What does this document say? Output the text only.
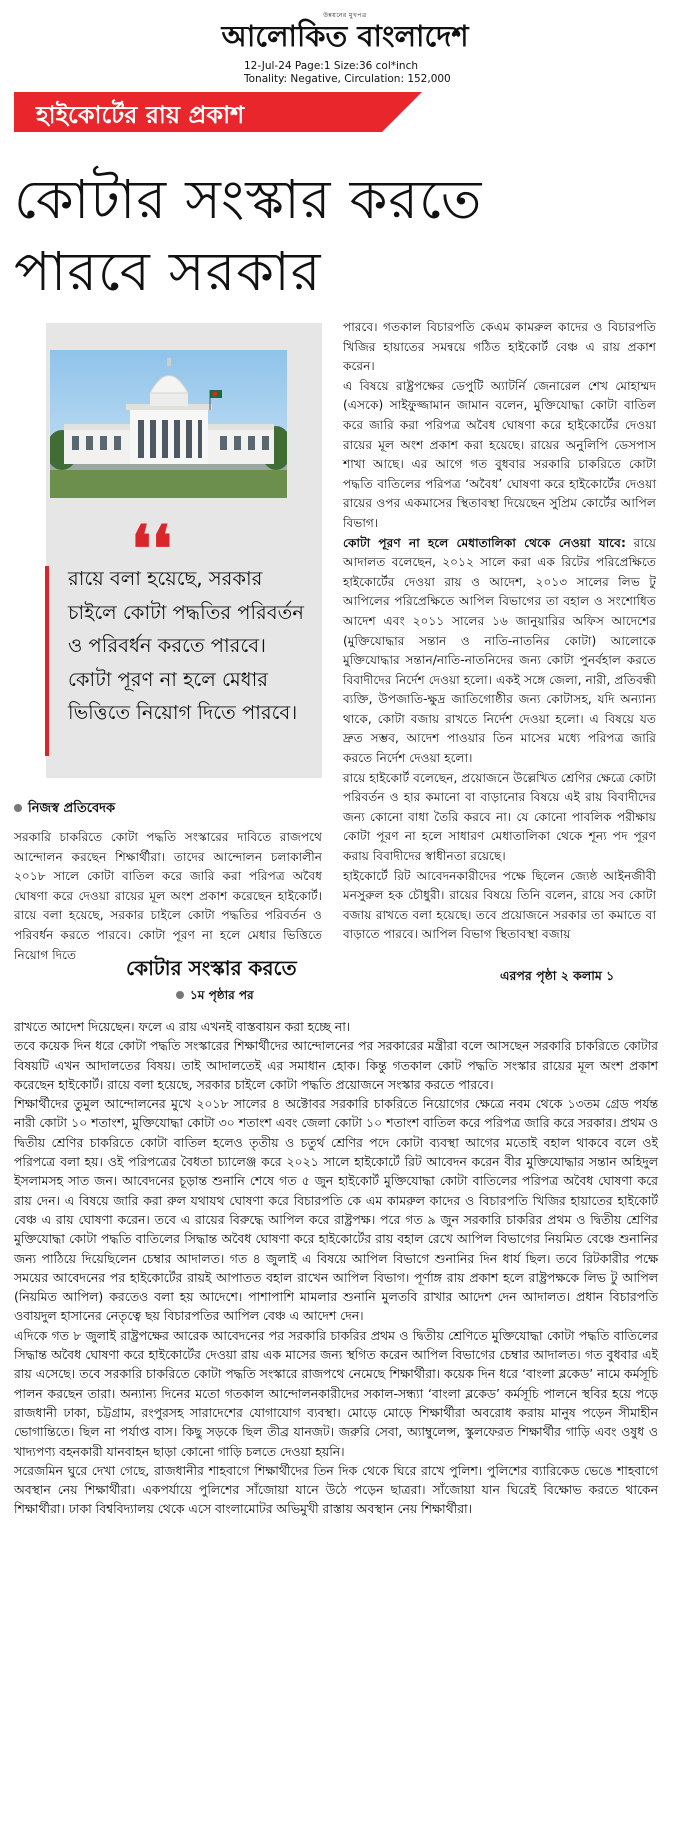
উন্নয়নের মুখপত্র
আলোকিত বাংলাদেশ
12-Jul-24 Page:1 Size:36 col*inch
Tonality: Negative, Circulation: 152,000
হাইকোর্টের রায় প্রকাশ
কোটার সংস্কার করতে
পারবে সরকার
❛❛
রায়ে বলা হয়েছে, সরকার চাইলে কোটা পদ্ধতির পরিবর্তন ও পরিবর্ধন করতে পারবে। কোটা পূরণ না হলে মেধার ভিত্তিতে নিয়োগ দিতে পারবে।
নিজস্ব প্রতিবেদক

সরকারি চাকরিতে কোটা পদ্ধতি সংস্কারের দাবিতে রাজপথে আন্দোলন করছেন শিক্ষার্থীরা। তাদের আন্দোলন চলাকালীন ২০১৮ সালে কোটা বাতিল করে জারি করা পরিপত্র অবৈধ ঘোষণা করে দেওয়া রায়ের মূল অংশ প্রকাশ করেছেন হাইকোর্ট। রায়ে বলা হয়েছে, সরকার চাইলে কোটা পদ্ধতির পরিবর্তন ও পরিবর্ধন করতে পারবে। কোটা পূরণ না হলে মেধার ভিত্তিতে নিয়োগ দিতে

পারবে। গতকাল বিচারপতি কেএম কামরুল কাদের ও বিচারপতি খিজির হায়াতের সমন্বয়ে গঠিত হাইকোর্ট বেঞ্চ এ রায় প্রকাশ করেন।

এ বিষয়ে রাষ্ট্রপক্ষের ডেপুটি অ্যাটর্নি জেনারেল শেখ মোহাম্মদ (এসকে) সাইফুজ্জামান জামান বলেন, মুক্তিযোদ্ধা কোটা বাতিল করে জারি করা পরিপত্র অবৈধ ঘোষণা করে হাইকোর্টের দেওয়া রায়ের মূল অংশ প্রকাশ করা হয়েছে। রায়ের অনুলিপি ডেসপাস শাখা আছে। এর আগে গত বুধবার সরকারি চাকরিতে কোটা পদ্ধতি বাতিলের পরিপত্র ‘অবৈধ’ ঘোষণা করে হাইকোর্টের দেওয়া রায়ের ওপর একমাসের স্থিতাবস্থা দিয়েছেন সুপ্রিম কোর্টের আপিল বিভাগ।

কোটা পূরণ না হলে মেধাতালিকা থেকে নেওয়া যাবে: রায়ে আদালত বলেছেন, ২০১২ সালে করা এক রিটের পরিপ্রেক্ষিতে হাইকোর্টের দেওয়া রায় ও আদেশ, ২০১৩ সালের লিভ টু আপিলের পরিপ্রেক্ষিতে আপিল বিভাগের তা বহাল ও সংশোধিত আদেশ এবং ২০১১ সালের ১৬ জানুয়ারির অফিস আদেশের (মুক্তিযোদ্ধার সন্তান ও নাতি-নাতনির কোটা) আলোকে মুক্তিযোদ্ধার সন্তান/নাতি-নাতনিদের জন্য কোটা পুনর্বহাল করতে বিবাদীদের নির্দেশ দেওয়া হলো। একই সঙ্গে জেলা, নারী, প্রতিবন্ধী ব্যক্তি, উপজাতি-ক্ষুদ্র জাতিগোষ্ঠীর জন্য কোটাসহ, যদি অন্যান্য থাকে, কোটা বজায় রাখতে নির্দেশ দেওয়া হলো। এ বিষয়ে যত দ্রুত সম্ভব, আদেশ পাওয়ার তিন মাসের মধ্যে পরিপত্র জারি করতে নির্দেশ দেওয়া হলো।

রায়ে হাইকোর্ট বলেছেন, প্রয়োজনে উল্লেখিত শ্রেণির ক্ষেত্রে কোটা পরিবর্তন ও হার কমানো বা বাড়ানোর বিষয়ে এই রায় বিবাদীদের জন্য কোনো বাধা তৈরি করবে না। যে কোনো পাবলিক পরীক্ষায় কোটা পূরণ না হলে সাধারণ মেধাতালিকা থেকে শূন্য পদ পূরণ করায় বিবাদীদের স্বাধীনতা রয়েছে।

হাইকোর্টে রিট আবেদনকারীদের পক্ষে ছিলেন জ্যেষ্ঠ আইনজীবী মনসুরুল হক চৌধুরী। রায়ের বিষয়ে তিনি বলেন, রায়ে সব কোটা বজায় রাখতে বলা হয়েছে। তবে প্রয়োজনে সরকার তা কমাতে বা বাড়াতে পারবে। আপিল বিভাগ স্থিতাবস্থা বজায়

এরপর পৃষ্ঠা ২ কলাম ১
কোটার সংস্কার করতে
১ম পৃষ্ঠার পর

রাখতে আদেশ দিয়েছেন। ফলে এ রায় এখনই বাস্তবায়ন করা হচ্ছে না।

তবে কয়েক দিন ধরে কোটা পদ্ধতি সংস্কারের শিক্ষার্থীদের আন্দোলনের পর সরকারের মন্ত্রীরা বলে আসছেন সরকারি চাকরিতে কোটার বিষয়টি এখন আদালতের বিষয়। তাই আদালতেই এর সমাধান হোক। কিন্তু গতকাল কোট পদ্ধতি সংস্কার রায়ের মূল অংশ প্রকাশ করেছেন হাইকোর্ট। রায়ে বলা হয়েছে, সরকার চাইলে কোটা পদ্ধতি প্রয়োজনে সংস্কার করতে পারবে।

শিক্ষার্থীদের তুমুল আন্দোলনের মুখে ২০১৮ সালের ৪ অক্টোবর সরকারি চাকরিতে নিয়োগের ক্ষেত্রে নবম থেকে ১৩তম গ্রেড পর্যন্ত নারী কোটা ১০ শতাংশ, মুক্তিযোদ্ধা কোটা ৩০ শতাংশ এবং জেলা কোটা ১০ শতাংশ বাতিল করে পরিপত্র জারি করে সরকার। প্রথম ও দ্বিতীয় শ্রেণির চাকরিতে কোটা বাতিল হলেও তৃতীয় ও চতুর্থ শ্রেণির পদে কোটা ব্যবস্থা আগের মতোই বহাল থাকবে বলে ওই পরিপত্রে বলা হয়। ওই পরিপত্রের বৈধতা চ্যালেঞ্জ করে ২০২১ সালে হাইকোর্টে রিট আবেদন করেন বীর মুক্তিযোদ্ধার সন্তান অহিদুল ইসলামসহ সাত জন। আবেদনের চূড়ান্ত শুনানি শেষে গত ৫ জুন হাইকোর্ট মুক্তিযোদ্ধা কোটা বাতিলের পরিপত্র অবৈধ ঘোষণা করে রায় দেন। এ বিষয়ে জারি করা রুল যথাযথ ঘোষণা করে বিচারপতি কে এম কামরুল কাদের ও বিচারপতি খিজির হায়াতের হাইকোর্ট বেঞ্চ এ রায় ঘোষণা করেন। তবে এ রায়ের বিরুদ্ধে আপিল করে রাষ্ট্রপক্ষ। পরে গত ৯ জুন সরকারি চাকরির প্রথম ও দ্বিতীয় শ্রেণির মুক্তিযোদ্ধা কোটা পদ্ধতি বাতিলের সিদ্ধান্ত অবৈধ ঘোষণা করে হাইকোর্টের রায় বহাল রেখে আপিল বিভাগের নিয়মিত বেঞ্চে শুনানির জন্য পাঠিয়ে দিয়েছিলেন চেম্বার আদালত। গত ৪ জুলাই এ বিষয়ে আপিল বিভাগে শুনানির দিন ধার্য ছিল। তবে রিটকারীর পক্ষে সময়ের আবেদনের পর হাইকোর্টের রায়ই আপাতত বহাল রাখেন আপিল বিভাগ। পূর্ণাঙ্গ রায় প্রকাশ হলে রাষ্ট্রপক্ষকে লিভ টু আপিল (নিয়মিত আপিল) করতেও বলা হয় আদেশে। পাশাপাশি মামলার শুনানি মুলতবি রাখার আদেশ দেন আদালত। প্রধান বিচারপতি ওবায়দুল হাসানের নেতৃত্বে ছয় বিচারপতির আপিল বেঞ্চ এ আদেশ দেন।

এদিকে গত ৮ জুলাই রাষ্ট্রপক্ষের আরেক আবেদনের পর সরকারি চাকরির প্রথম ও দ্বিতীয় শ্রেণিতে মুক্তিযোদ্ধা কোটা পদ্ধতি বাতিলের সিদ্ধান্ত অবৈধ ঘোষণা করে হাইকোর্টের দেওয়া রায় এক মাসের জন্য স্থগিত করেন আপিল বিভাগের চেম্বার আদালত। গত বুধবার এই রায় এসেছে। তবে সরকারি চাকরিতে কোটা পদ্ধতি সংস্কারে রাজপথে নেমেছে শিক্ষার্থীরা। কয়েক দিন ধরে ‘বাংলা ব্লকেড’ নামে কর্মসূচি পালন করছেন তারা। অন্যান্য দিনের মতো গতকাল আন্দোলনকারীদের সকাল-সন্ধ্যা ‘বাংলা ব্লকেড’ কর্মসূচি পালনে স্থবির হয়ে পড়ে রাজধানী ঢাকা, চট্টগ্রাম, রংপুরসহ সারাদেশের যোগাযোগ ব্যবস্থা। মোড়ে মোড়ে শিক্ষার্থীরা অবরোধ করায় মানুষ পড়েন সীমাহীন ভোগান্তিতে। ছিল না পর্যাপ্ত বাস। কিছু সড়কে ছিল তীব্র যানজট। জরুরি সেবা, অ্যাম্বুলেন্স, স্কুলফেরত শিক্ষার্থীর গাড়ি এবং ওষুধ ও খাদ্যপণ্য বহনকারী যানবাহন ছাড়া কোনো গাড়ি চলতে দেওয়া হয়নি।

সরেজমিন ঘুরে দেখা গেছে, রাজধানীর শাহবাগে শিক্ষার্থীদের তিন দিক থেকে ঘিরে রাখে পুলিশ। পুলিশের ব্যারিকেড ভেঙে শাহবাগে অবস্থান নেয় শিক্ষার্থীরা। একপর্যায়ে পুলিশের সাঁজোয়া যানে উঠে পড়েন ছাত্ররা। সাঁজোয়া যান ঘিরেই বিক্ষোভ করতে থাকেন শিক্ষার্থীরা। ঢাকা বিশ্ববিদ্যালয় থেকে এসে বাংলামোটর অভিমুখী রাস্তায় অবস্থান নেয় শিক্ষার্থীরা।
